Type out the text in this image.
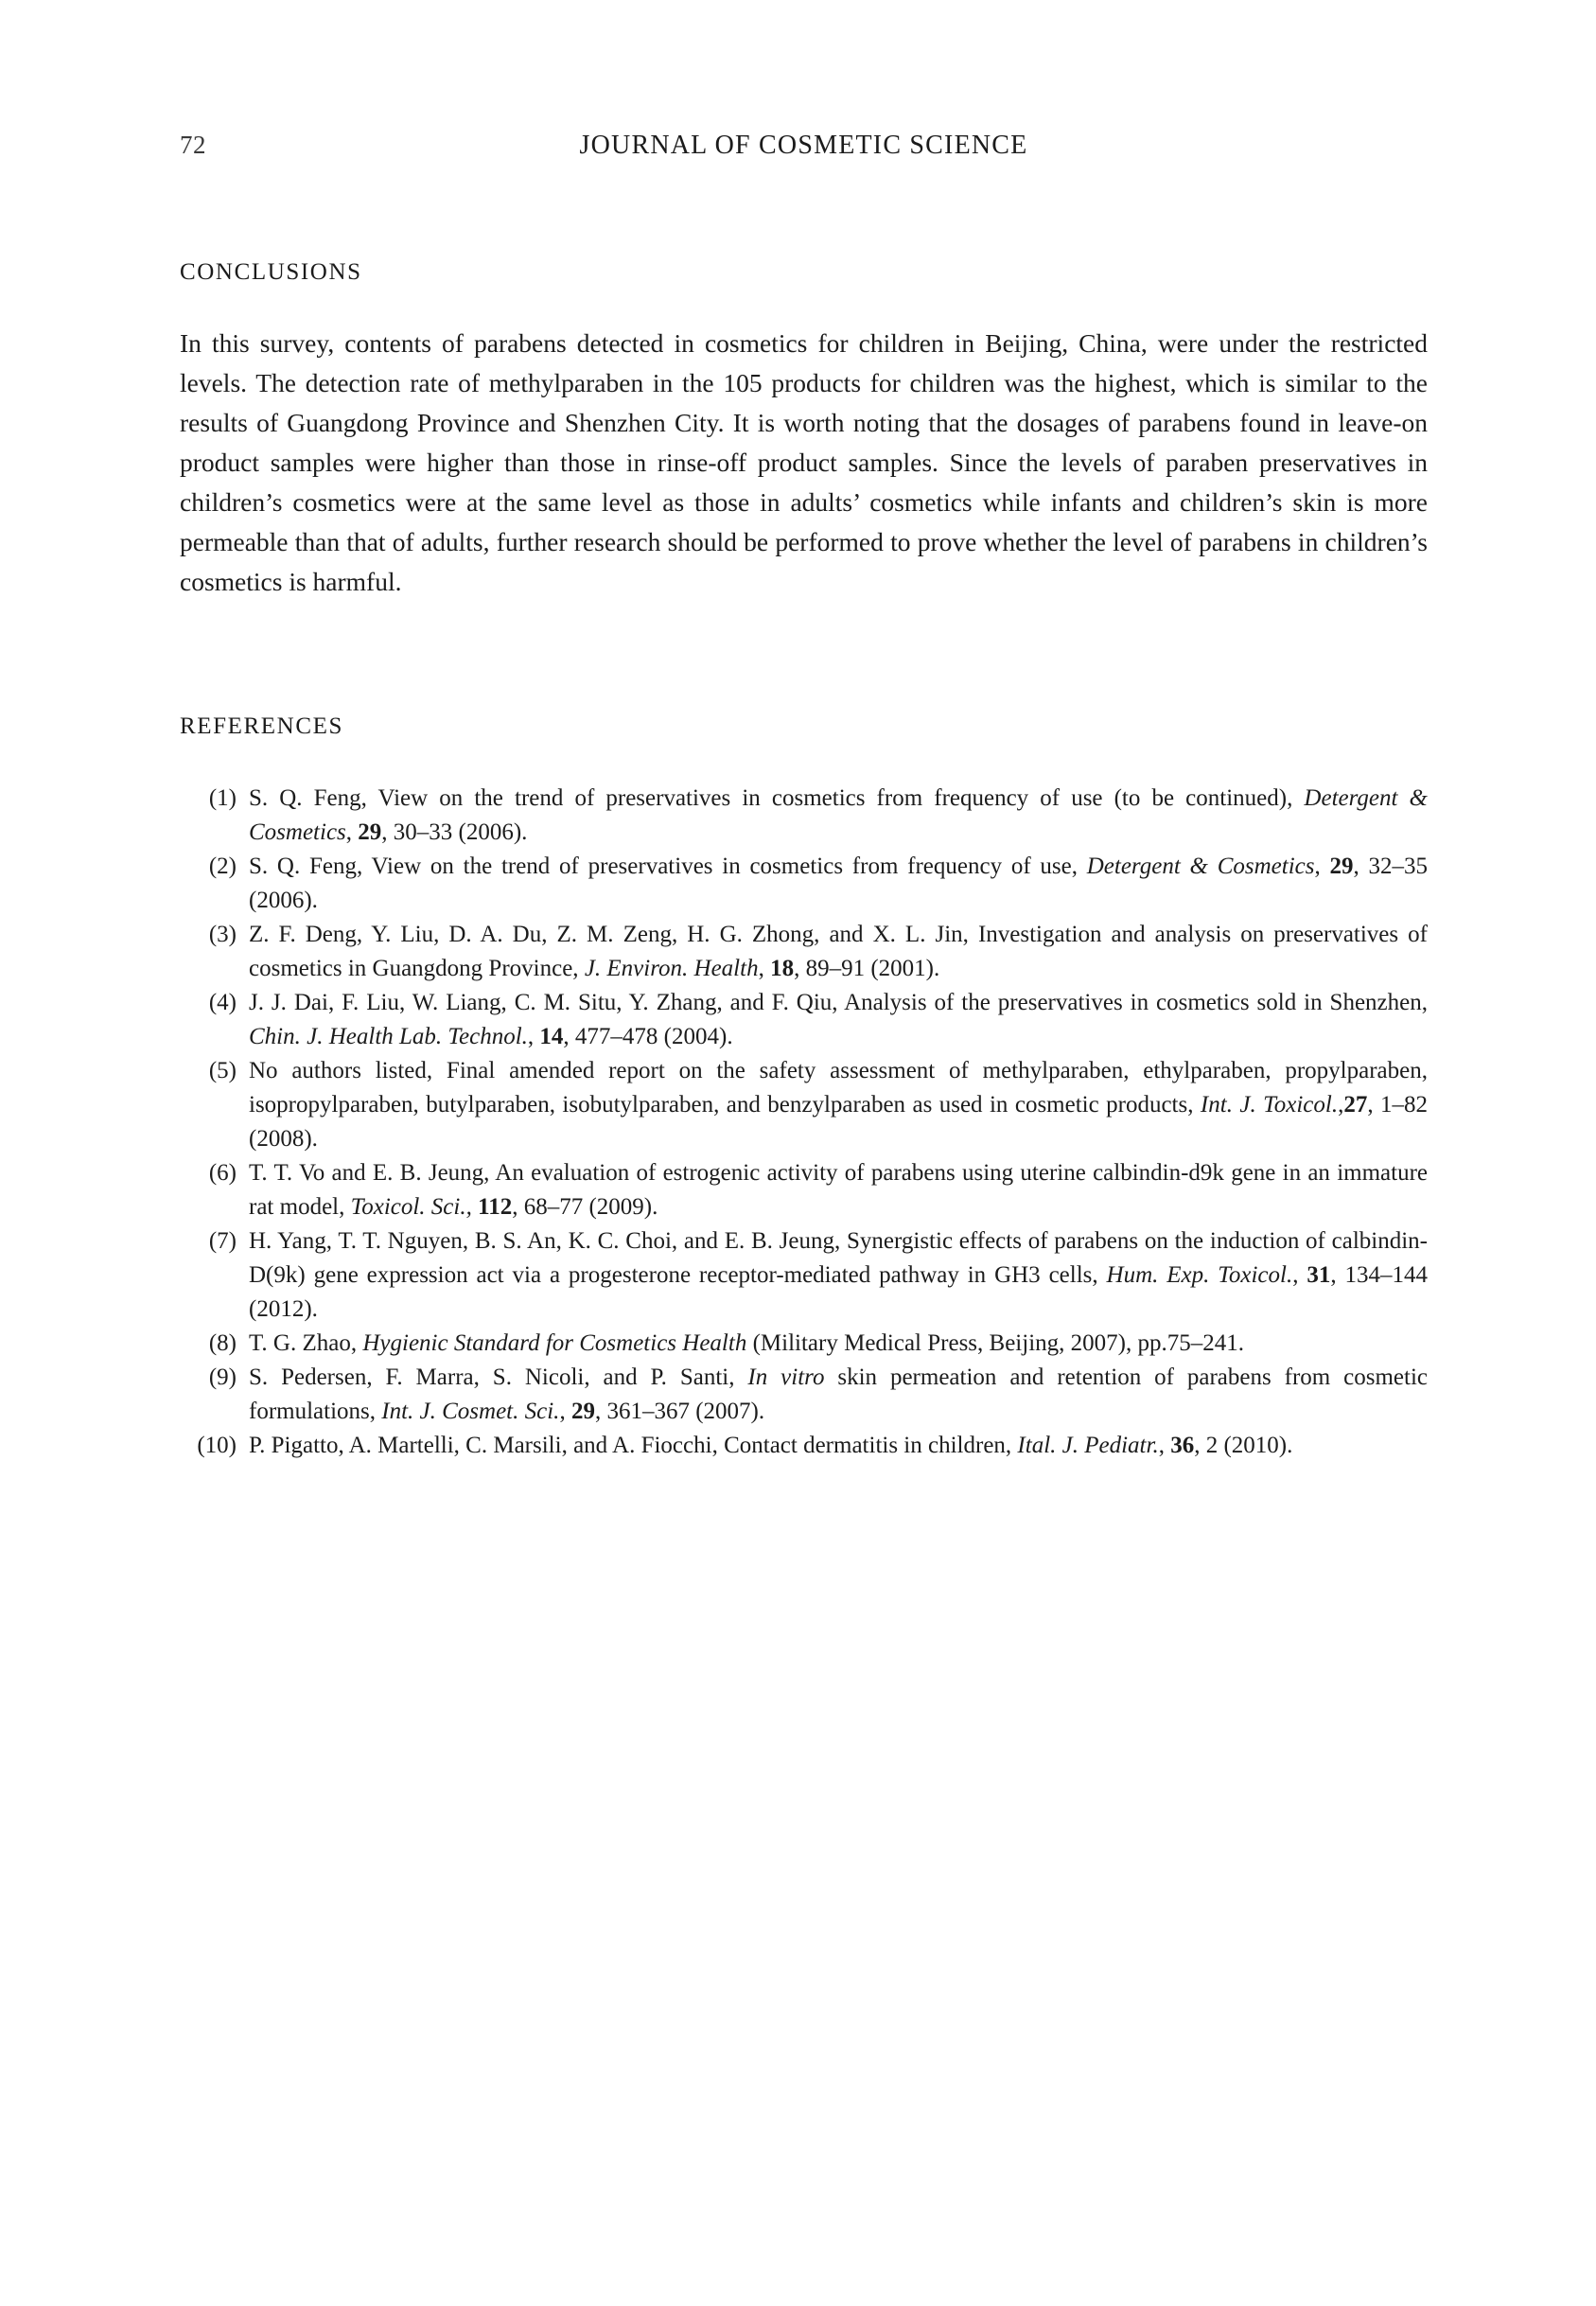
72	JOURNAL OF COSMETIC SCIENCE
CONCLUSIONS

In this survey, contents of parabens detected in cosmetics for children in Beijing, China, were under the restricted levels. The detection rate of methylparaben in the 105 products for children was the highest, which is similar to the results of Guangdong Province and Shenzhen City. It is worth noting that the dosages of parabens found in leave-on product samples were higher than those in rinse-off product samples. Since the levels of paraben preservatives in children’s cosmetics were at the same level as those in adults’ cosmetics while infants and children’s skin is more permeable than that of adults, further research should be performed to prove whether the level of parabens in children’s cosmetics is harmful.

REFERENCES
(1) S. Q. Feng, View on the trend of preservatives in cosmetics from frequency of use (to be continued), Detergent & Cosmetics, 29, 30–33 (2006).
(2) S. Q. Feng, View on the trend of preservatives in cosmetics from frequency of use, Detergent & Cosmetics, 29, 32–35 (2006).
(3) Z. F. Deng, Y. Liu, D. A. Du, Z. M. Zeng, H. G. Zhong, and X. L. Jin, Investigation and analysis on preservatives of cosmetics in Guangdong Province, J. Environ. Health, 18, 89–91 (2001).
(4) J. J. Dai, F. Liu, W. Liang, C. M. Situ, Y. Zhang, and F. Qiu, Analysis of the preservatives in cosmetics sold in Shenzhen, Chin. J. Health Lab. Technol., 14, 477–478 (2004).
(5) No authors listed, Final amended report on the safety assessment of methylparaben, ethylparaben, propylparaben, isopropylparaben, butylparaben, isobutylparaben, and benzylparaben as used in cosmetic products, Int. J. Toxicol.,27, 1–82 (2008).
(6) T. T. Vo and E. B. Jeung, An evaluation of estrogenic activity of parabens using uterine calbindin-d9k gene in an immature rat model, Toxicol. Sci., 112, 68–77 (2009).
(7) H. Yang, T. T. Nguyen, B. S. An, K. C. Choi, and E. B. Jeung, Synergistic effects of parabens on the induction of calbindin-D(9k) gene expression act via a progesterone receptor-mediated pathway in GH3 cells, Hum. Exp. Toxicol., 31, 134–144 (2012).
(8) T. G. Zhao, Hygienic Standard for Cosmetics Health (Military Medical Press, Beijing, 2007), pp.75–241.
(9) S. Pedersen, F. Marra, S. Nicoli, and P. Santi, In vitro skin permeation and retention of parabens from cosmetic formulations, Int. J. Cosmet. Sci., 29, 361–367 (2007).
(10) P. Pigatto, A. Martelli, C. Marsili, and A. Fiocchi, Contact dermatitis in children, Ital. J. Pediatr., 36, 2 (2010).
